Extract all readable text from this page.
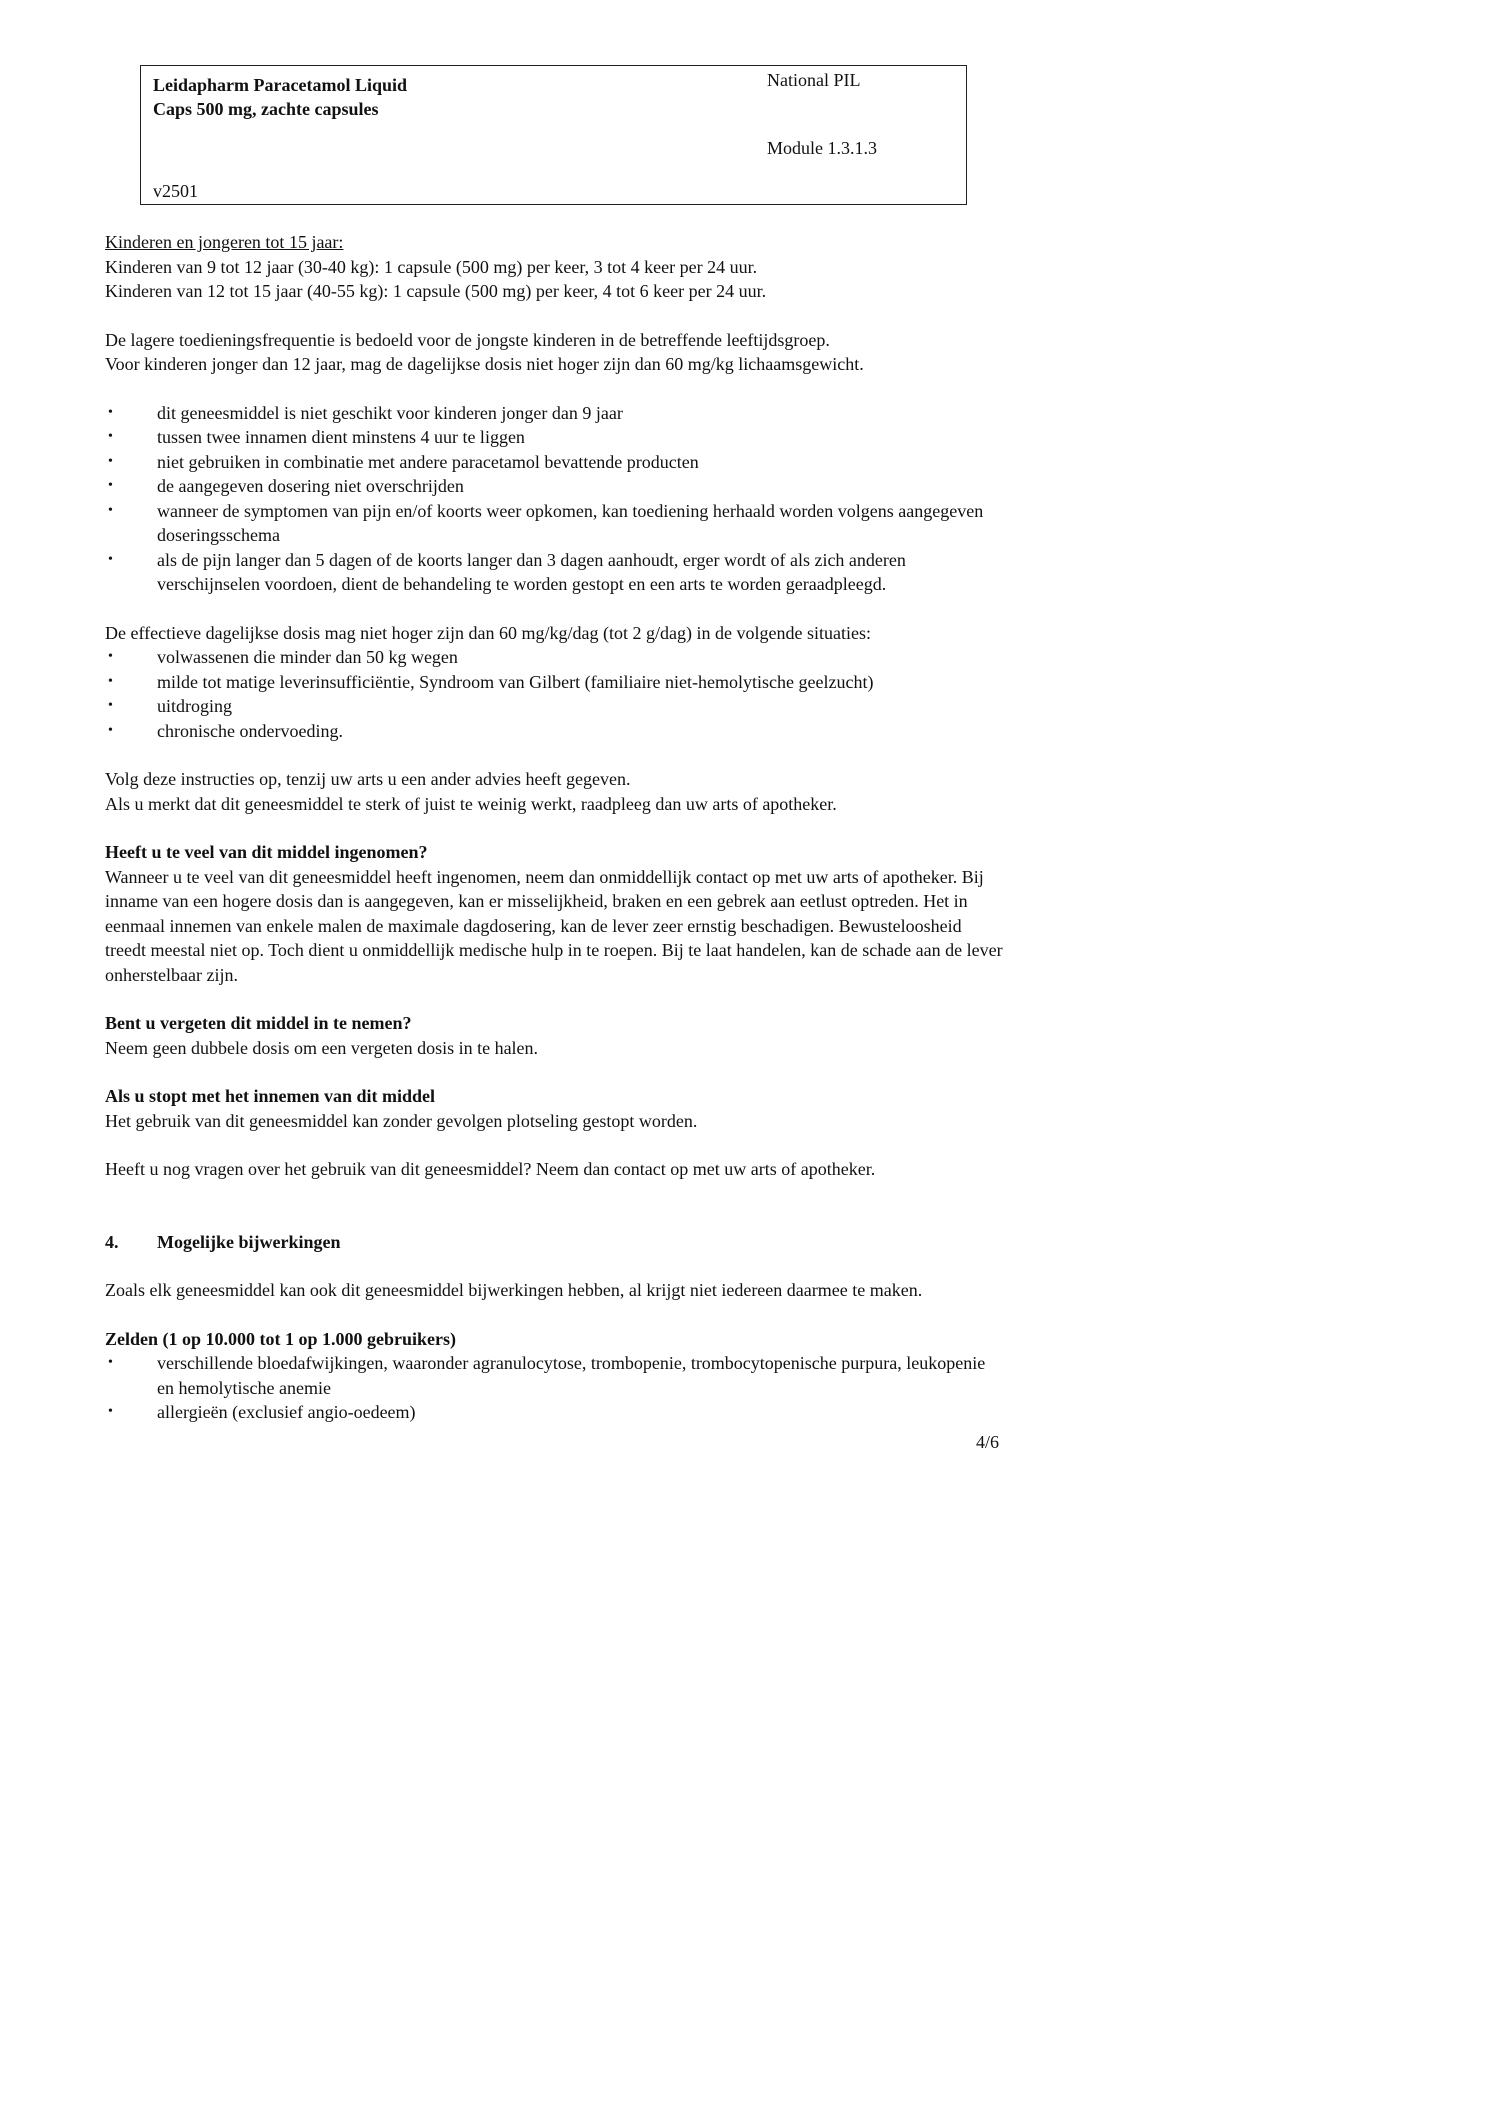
Leidapharm Paracetamol Liquid
Caps 500 mg, zachte capsules
National PIL
Module 1.3.1.3
v2501

Kinderen en jongeren tot 15 jaar:

Kinderen van 9 tot 12 jaar (30-40 kg): 1 capsule (500 mg) per keer, 3 tot 4 keer per 24 uur.

Kinderen van 12 tot 15 jaar (40-55 kg): 1 capsule (500 mg) per keer, 4 tot 6 keer per 24 uur.

De lagere toedieningsfrequentie is bedoeld voor de jongste kinderen in de betreffende leeftijdsgroep.

Voor kinderen jonger dan 12 jaar, mag de dagelijkse dosis niet hoger zijn dan 60 mg/kg lichaamsgewicht.

• dit geneesmiddel is niet geschikt voor kinderen jonger dan 9 jaar
• tussen twee innamen dient minstens 4 uur te liggen
• niet gebruiken in combinatie met andere paracetamol bevattende producten
• de aangegeven dosering niet overschrijden
• wanneer de symptomen van pijn en/of koorts weer opkomen, kan toediening herhaald worden volgens aangegeven doseringsschema
• als de pijn langer dan 5 dagen of de koorts langer dan 3 dagen aanhoudt, erger wordt of als zich anderen verschijnselen voordoen, dient de behandeling te worden gestopt en een arts te worden geraadpleegd.

De effectieve dagelijkse dosis mag niet hoger zijn dan 60 mg/kg/dag (tot 2 g/dag) in de volgende situaties:

• volwassenen die minder dan 50 kg wegen
• milde tot matige leverinsufficiëntie, Syndroom van Gilbert (familiaire niet-hemolytische geelzucht)
• uitdroging
• chronische ondervoeding.

Volg deze instructies op, tenzij uw arts u een ander advies heeft gegeven.

Als u merkt dat dit geneesmiddel te sterk of juist te weinig werkt, raadpleeg dan uw arts of apotheker.

Heeft u te veel van dit middel ingenomen?

Wanneer u te veel van dit geneesmiddel heeft ingenomen, neem dan onmiddellijk contact op met uw arts of apotheker. Bij inname van een hogere dosis dan is aangegeven, kan er misselijkheid, braken en een gebrek aan eetlust optreden. Het in eenmaal innemen van enkele malen de maximale dagdosering, kan de lever zeer ernstig beschadigen. Bewusteloosheid treedt meestal niet op. Toch dient u onmiddellijk medische hulp in te roepen. Bij te laat handelen, kan de schade aan de lever onherstelbaar zijn.

Bent u vergeten dit middel in te nemen?

Neem geen dubbele dosis om een vergeten dosis in te halen.

Als u stopt met het innemen van dit middel

Het gebruik van dit geneesmiddel kan zonder gevolgen plotseling gestopt worden.

Heeft u nog vragen over het gebruik van dit geneesmiddel? Neem dan contact op met uw arts of apotheker.

4. Mogelijke bijwerkingen

Zoals elk geneesmiddel kan ook dit geneesmiddel bijwerkingen hebben, al krijgt niet iedereen daarmee te maken.

Zelden (1 op 10.000 tot 1 op 1.000 gebruikers)

• verschillende bloedafwijkingen, waaronder agranulocytose, trombopenie, trombocytopenische purpura, leukopenie en hemolytische anemie
• allergieën (exclusief angio-oedeem)
4/6
